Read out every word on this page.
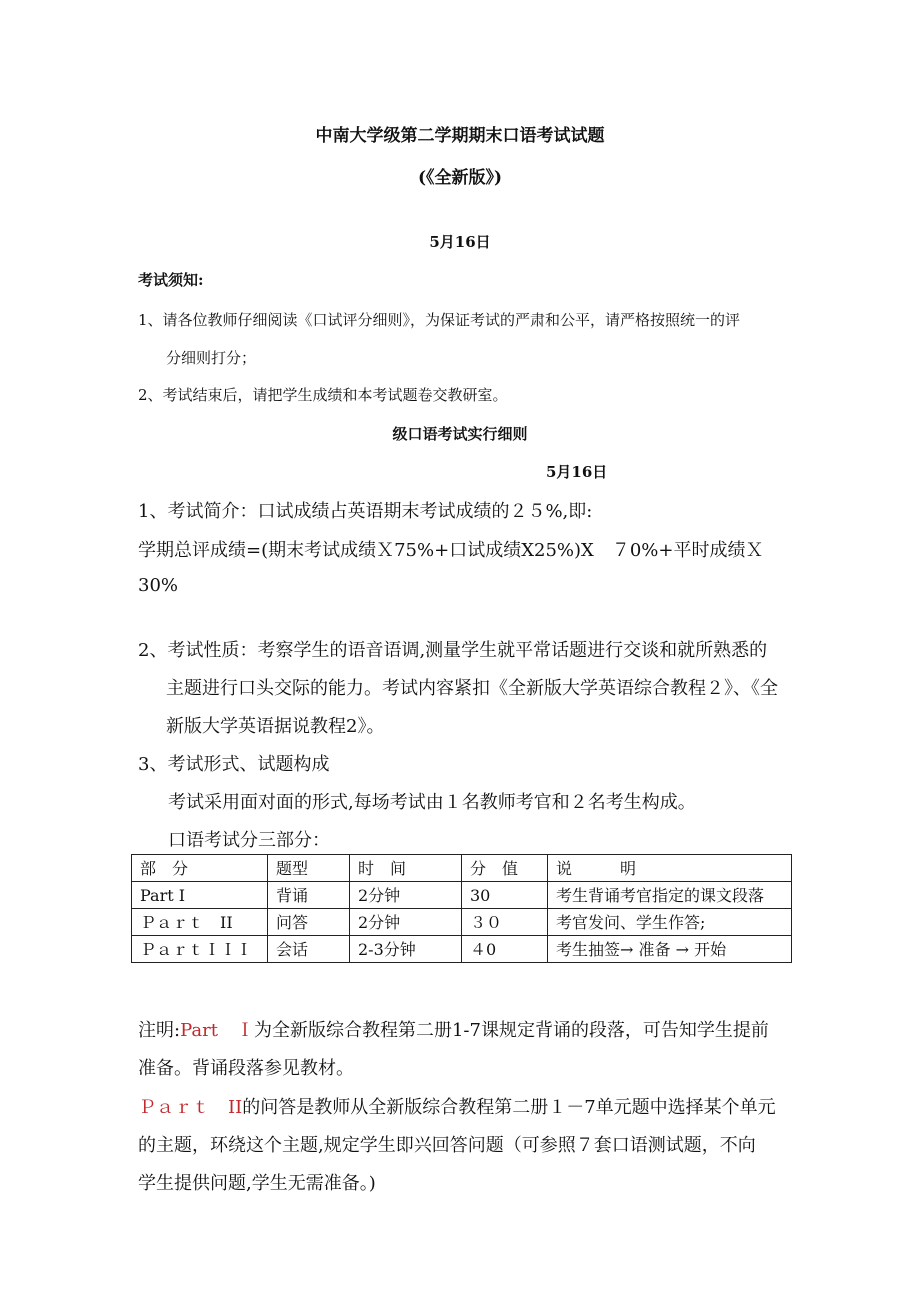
中南大学级第二学期期末口语考试试题
(《全新版》)
5月16日
考试须知:
1、请各位教师仔细阅读《口试评分细则》，为保证考试的严肃和公平，请严格按照统一的评
分细则打分；
2、考试结束后，请把学生成绩和本考试题卷交教研室。
级口语考试实行细则
5月16日
1、考试简介：口试成绩占英语期末考试成绩的２５%,即:
学期总评成绩=(期末考试成绩Ｘ75%+口试成绩X25%)X　７0%+平时成绩Ｘ
30%
2、考试性质：考察学生的语音语调,测量学生就平常话题进行交谈和就所熟悉的
主题进行口头交际的能力。考试内容紧扣《全新版大学英语综合教程２》、《全
新版大学英语据说教程2》。
3、考试形式、试题构成
考试采用面对面的形式,每场考试由１名教师考官和２名考生构成。
口语考试分三部分：
部　分	题型	时　间	分　值	说　　　明
Part I	背诵	2分钟	30	考生背诵考官指定的课文段落
Ｐａｒｔ　II	问答	2分钟	３０	考官发问、学生作答;
ＰａｒｔＩＩＩ	会话	2-3分钟	４0	考生抽签→ 准备 → 开始
注明:Part　Ｉ为全新版综合教程第二册1-7课规定背诵的段落，可告知学生提前
准备。背诵段落参见教材。
Ｐａｒｔ　II的问答是教师从全新版综合教程第二册１－7单元题中选择某个单元
的主题，环绕这个主题,规定学生即兴回答问题（可参照７套口语测试题，不向
学生提供问题,学生无需准备。)
